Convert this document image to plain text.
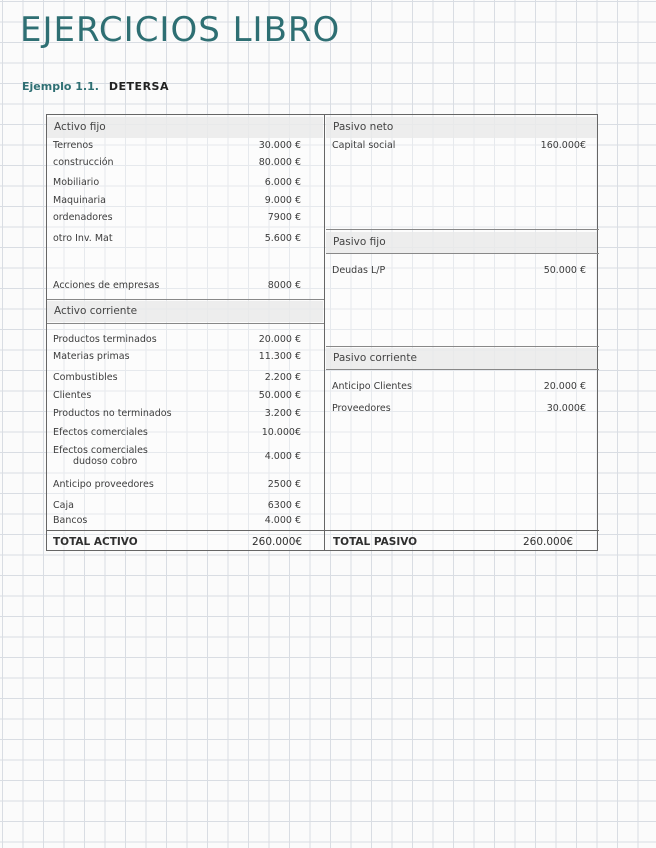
EJERCICIOS LIBRO
Ejemplo 1.1. DETERSA
Activo fijo
Activo corriente
Terrenos	30.000 €
construcción	80.000 €
Mobiliario	6.000 €
Maquinaria	9.000 €
ordenadores	7900 €
otro Inv. Mat	5.600 €
Acciones de empresas	8000 €
Productos terminados	20.000 €
Materias primas	11.300 €
Combustibles	2.200 €
Clientes	50.000 €
Productos no terminados	3.200 €
Efectos comerciales	10.000€
Efectos comerciales
dudoso cobro	4.000 €
Anticipo proveedores	2500 €
Caja	6300 €
Bancos	4.000 €
Pasivo neto
Pasivo fijo
Pasivo corriente
Capital social	160.000€
Deudas L/P	50.000 €
Anticipo Clientes	20.000 €
Proveedores	30.000€
TOTAL ACTIVO	260.000€	TOTAL PASIVO	260.000€
